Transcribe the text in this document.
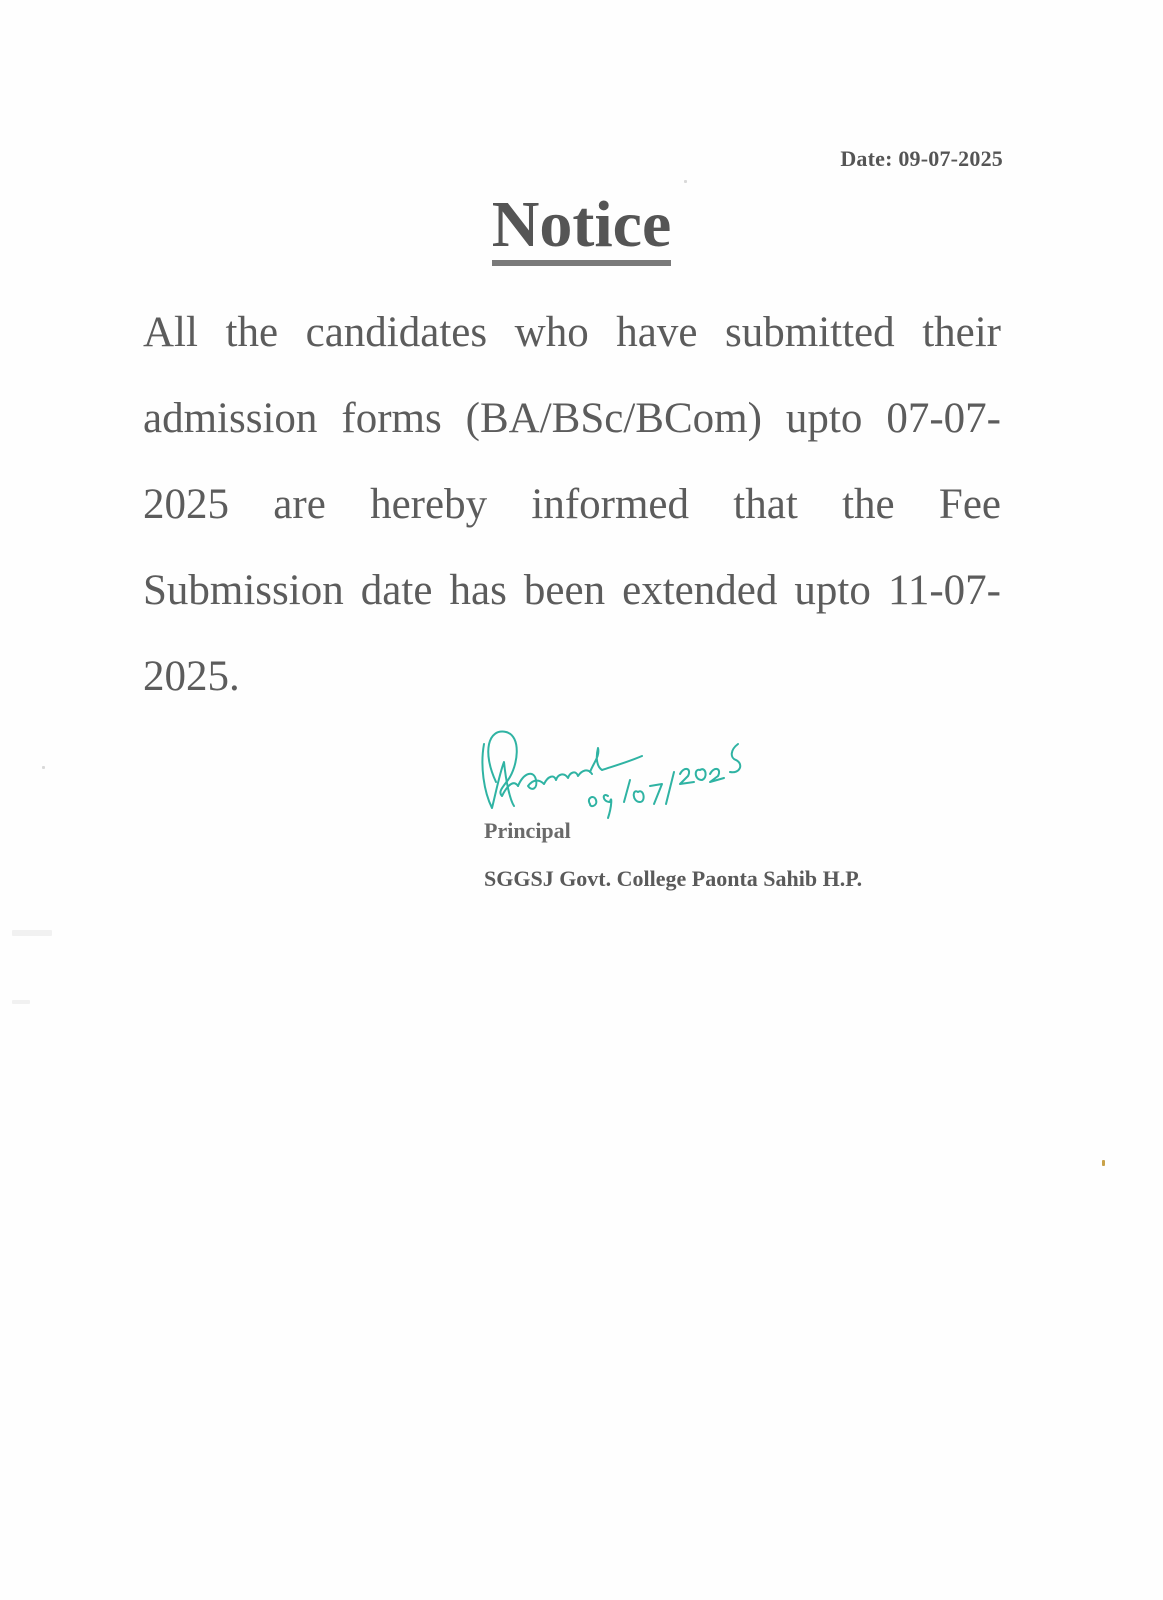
Date: 09-07-2025
Notice

All the candidates who have submitted their admission forms (BA/BSc/BCom) upto 07-07-2025 are hereby informed that the Fee Submission date has been extended upto 11-07-2025.

Principal
SGGSJ Govt. College Paonta Sahib H.P.
